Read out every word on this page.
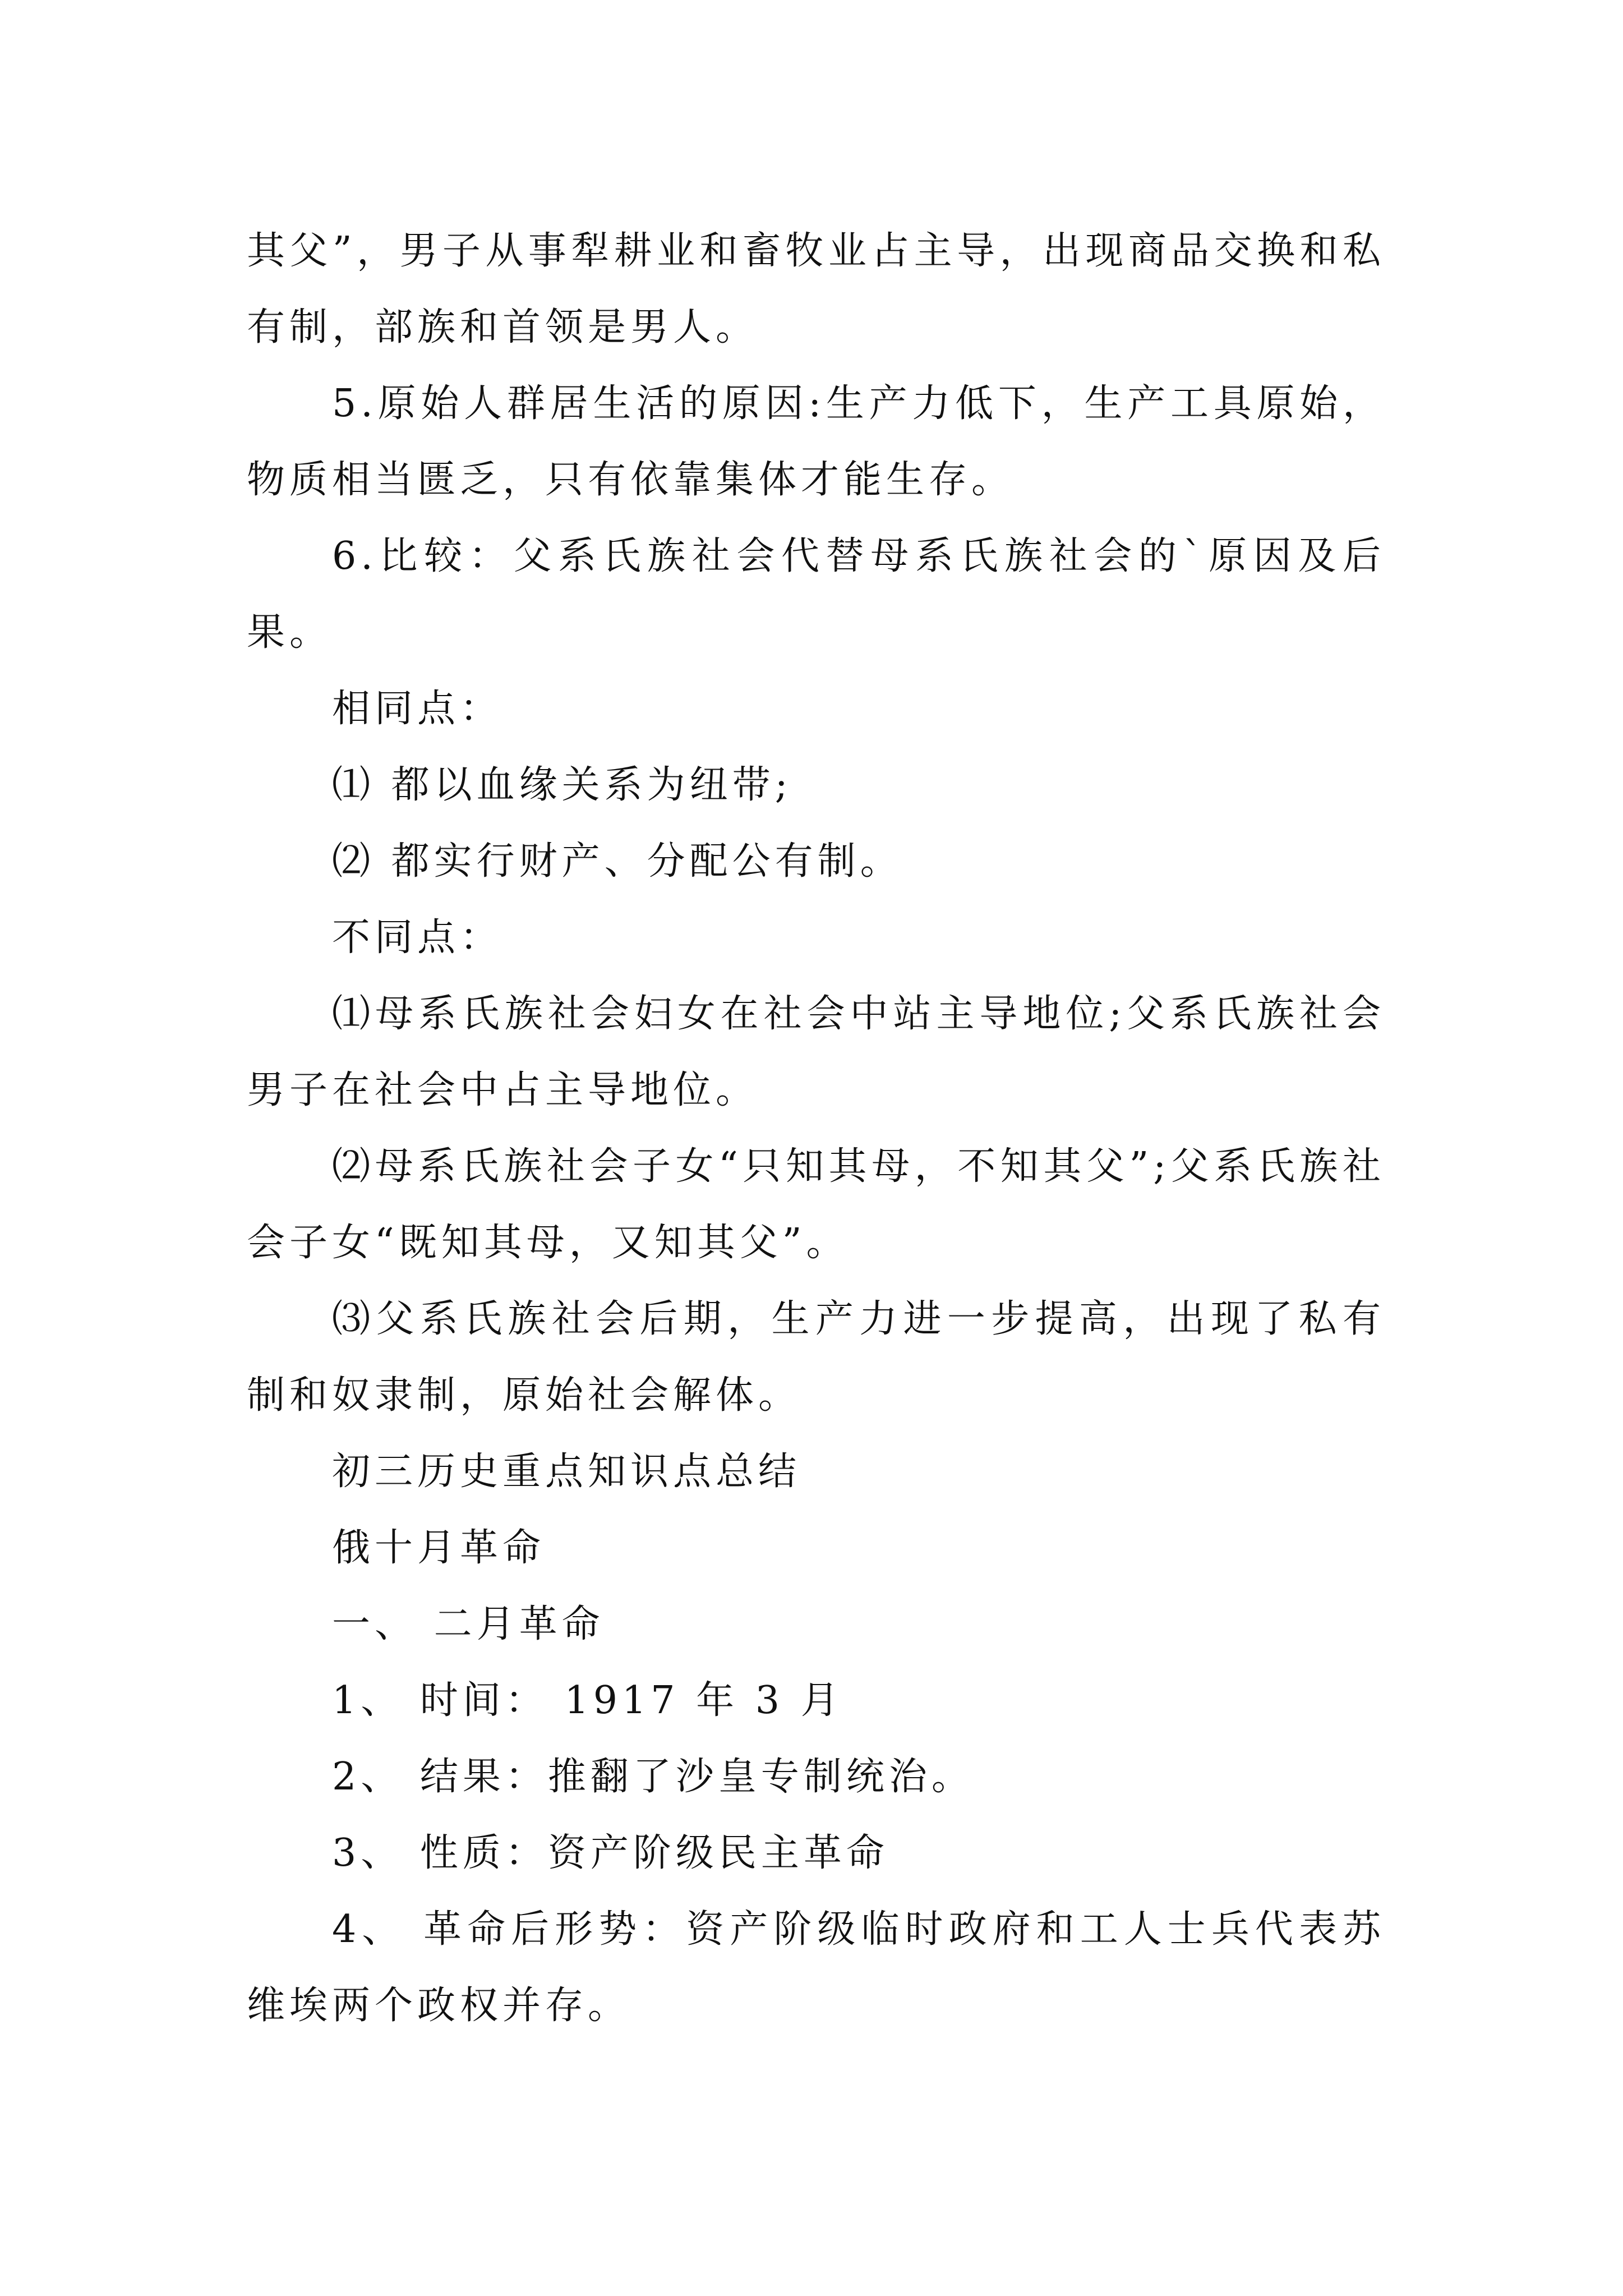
其父”，男子从事犁耕业和畜牧业占主导，出现商品交换和私有制，部族和首领是男人。

5.原始人群居生活的原因:生产力低下，生产工具原始，物质相当匮乏，只有依靠集体才能生存。

6.比较：父系氏族社会代替母系氏族社会的`原因及后果。

相同点：

⑴ 都以血缘关系为纽带;

⑵ 都实行财产、分配公有制。

不同点：

⑴母系氏族社会妇女在社会中站主导地位;父系氏族社会男子在社会中占主导地位。

⑵母系氏族社会子女“只知其母，不知其父”;父系氏族社会子女“既知其母，又知其父”。

⑶父系氏族社会后期，生产力进一步提高，出现了私有制和奴隶制，原始社会解体。

初三历史重点知识点总结

俄十月革命

一、 二月革命

1、 时间： 1917 年 3 月

2、 结果：推翻了沙皇专制统治。

3、 性质：资产阶级民主革命

4、 革命后形势：资产阶级临时政府和工人士兵代表苏维埃两个政权并存。
